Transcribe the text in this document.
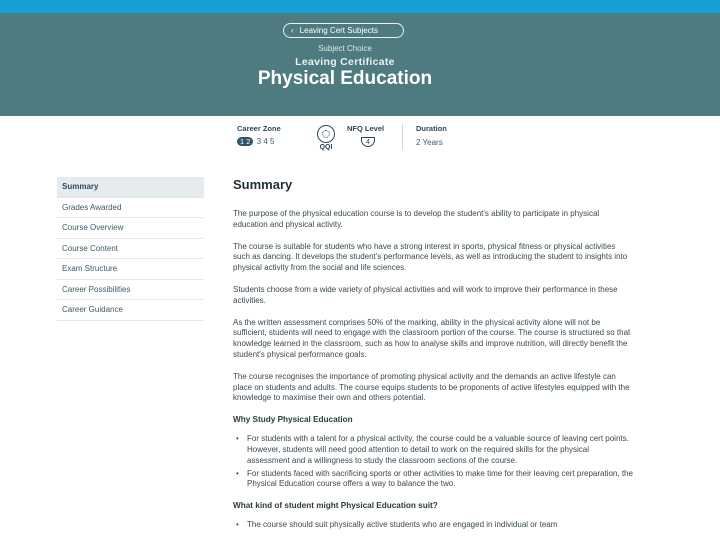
‹ Leaving Cert Subjects
Subject Choice
Leaving Certificate
Physical Education
Career Zone
1 2 3 4 5
QQI
NFQ Level
4
Duration
2 Years
Summary
Grades Awarded
Course Overview
Course Content
Exam Structure
Career Possibilities
Career Guidance
Summary

The purpose of the physical education course is to develop the student's ability to participate in physical education and physical activity.

The course is suitable for students who have a strong interest in sports, physical fitness or physical activities such as dancing. It develops the student's performance levels, as well as introducing the student to insights into physical activity from the social and life sciences.

Students choose from a wide variety of physical activities and will work to improve their performance in these activities.

As the written assessment comprises 50% of the marking, ability in the physical activity alone will not be sufficient, students will need to engage with the classroom portion of the course. The course is structured so that knowledge learned in the classroom, such as how to analyse skills and improve nutrition, will directly benefit the student's physical performance goals.

The course recognises the importance of promoting physical activity and the demands an active lifestyle can place on students and adults. The course equips students to be proponents of active lifestyles equipped with the knowledge to maximise their own and others potential.

Why Study Physical Education
• For students with a talent for a physical activity, the course could be a valuable source of leaving cert points. However, students will need good attention to detail to work on the required skills for the physical assessment and a willingness to study the classroom sections of the course.
• For students faced with sacrificing sports or other activities to make time for their leaving cert preparation, the Physical Education course offers a way to balance the two.
What kind of student might Physical Education suit?
• The course should suit physically active students who are engaged in individual or team
